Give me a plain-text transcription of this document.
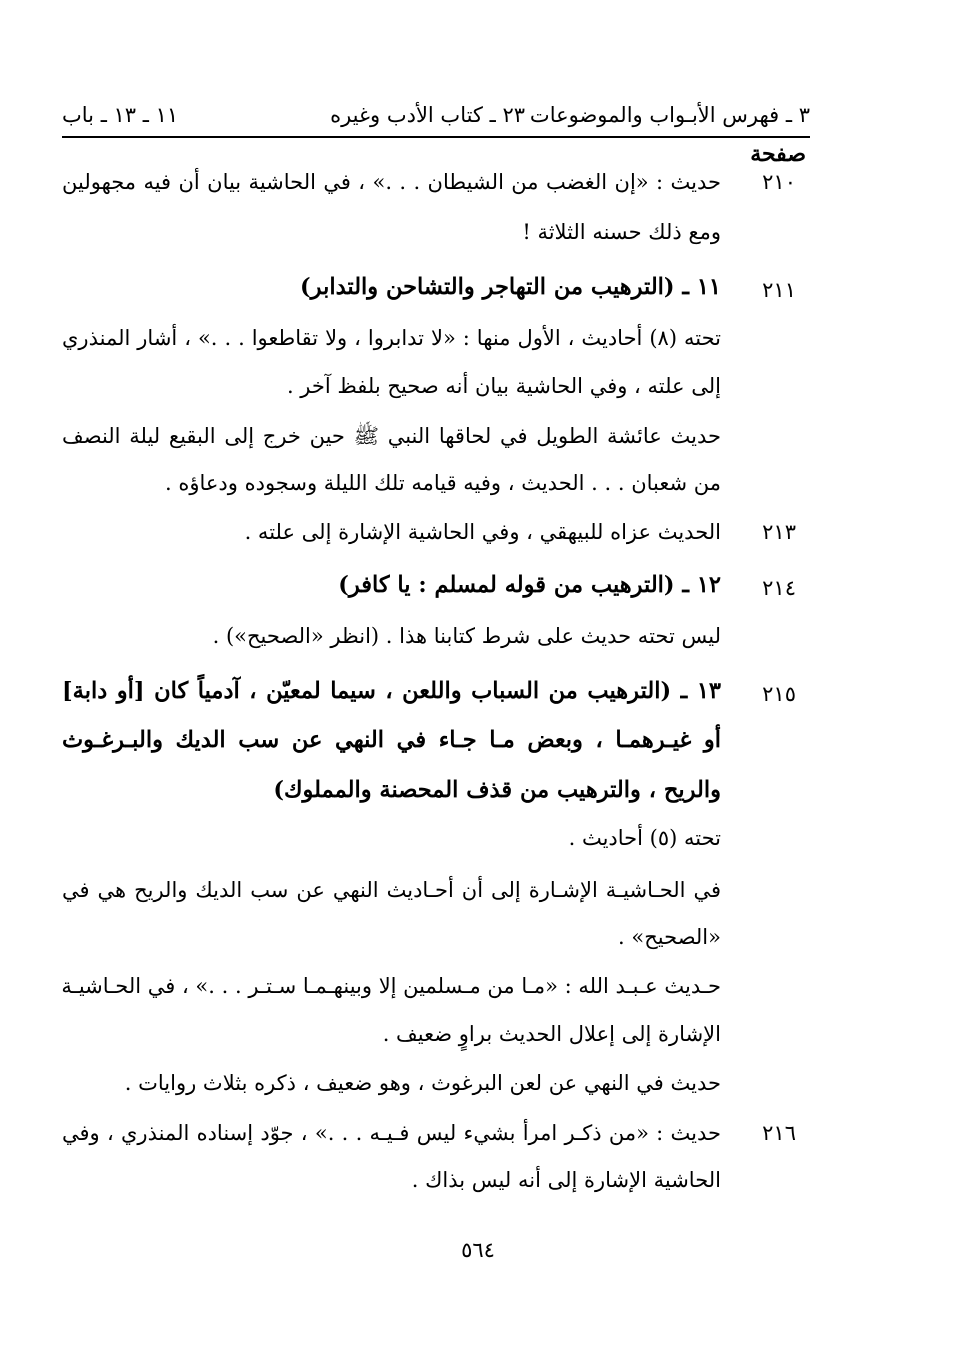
٣ ـ فهرس الأبـواب والموضوعات
٢٣ ـ كتاب الأدب وغيره
١١ ـ ١٣ ـ باب
صفحة
٢١٠
حديث : «إن الغضب من الشيطان . . .» ، في الحاشية بيان أن فيه مجهولين
ومع ذلك حسنه الثلاثة !
٢١١
١١ ـ (الترهيب من التهاجر والتشاحن والتدابر)
تحته (٨) أحاديث ، الأول منها : «لا تدابروا ، ولا تقاطعوا . . .» ، أشار المنذري
إلى علته ، وفي الحاشية بيان أنه صحيح بلفظ آخر .
حديث عائشة الطويل في لحاقها النبي ﷺ حين خرج إلى البقيع ليلة النصف
من شعبان . . . الحديث ، وفيه قيامه تلك الليلة وسجوده ودعاؤه .
٢١٣
الحديث عزاه للبيهقي ، وفي الحاشية الإشارة إلى علته .
٢١٤
١٢ ـ (الترهيب من قوله لمسلم : يا كافر)
ليس تحته حديث على شرط كتابنا هذا . (انظر «الصحيح») .
٢١٥
١٣ ـ (الترهيب من السباب واللعن ، سيما لمعيّن ، آدمياً كان [أو دابة]
أو غيـرهمـا ، وبعض مـا جـاء في النهي عن سب الديك والبـرغـوث
والريح ، والترهيب من قذف المحصنة والمملوك)
تحته (٥) أحاديث .
في الحـاشيـة الإشـارة إلى أن أحـاديث النهي عن سب الديك والريح هي في
«الصحيح» .
حـديث عـبـد الله : «مـا من مـسلمين إلا وبينهـمـا سـتـر . . .» ، في الحـاشيـة
الإشارة إلى إعلال الحديث براوٍ ضعيف .
حديث في النهي عن لعن البرغوث ، وهو ضعيف ، ذكره بثلاث روايات .
٢١٦
حديث : «من ذكـر امرأ بشيء ليس فـيـه . . .» ، جوّد إسناده المنذري ، وفي
الحاشية الإشارة إلى أنه ليس بذاك .
٥٦٤
